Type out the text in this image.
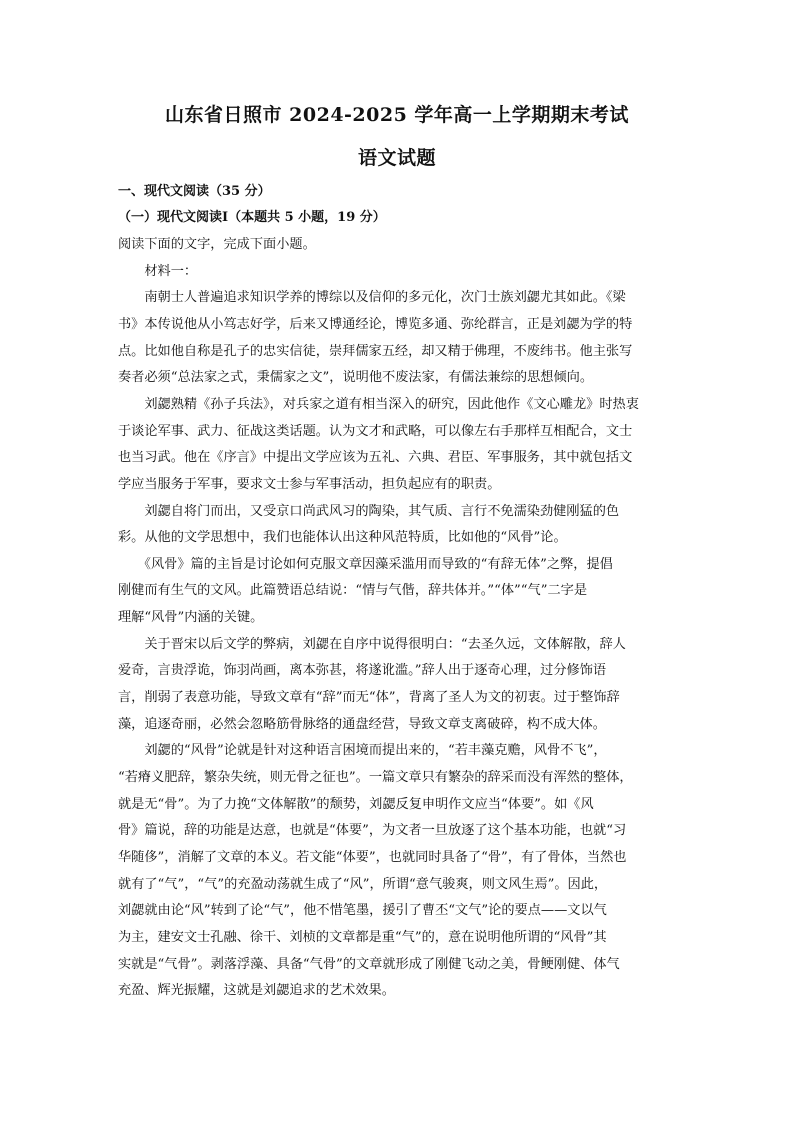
山东省日照市 2024-2025 学年高一上学期期末考试
语文试题
一、现代文阅读（35 分）
（一）现代文阅读Ⅰ（本题共 5 小题，19 分）
阅读下面的文字，完成下面小题。
　　材料一：
　　南朝士人普遍追求知识学养的博综以及信仰的多元化，次门士族刘勰尤其如此。《梁
书》本传说他从小笃志好学，后来又博通经论，博览多通、弥纶群言，正是刘勰为学的特
点。比如他自称是孔子的忠实信徒，崇拜儒家五经，却又精于佛理，不废纬书。他主张写
奏者必须“总法家之式，秉儒家之文”，说明他不废法家，有儒法兼综的思想倾向。
　　刘勰熟精《孙子兵法》，对兵家之道有相当深入的研究，因此他作《文心雕龙》时热衷
于谈论军事、武力、征战这类话题。认为文才和武略，可以像左右手那样互相配合，文士
也当习武。他在《序言》中提出文学应该为五礼、六典、君臣、军事服务，其中就包括文
学应当服务于军事，要求文士参与军事活动，担负起应有的职责。
　　刘勰自将门而出，又受京口尚武风习的陶染，其气质、言行不免濡染劲健刚猛的色
彩。从他的文学思想中，我们也能体认出这种风范特质，比如他的“风骨”论。
　　《风骨》篇的主旨是讨论如何克服文章因藻采滥用而导致的“有辞无体”之弊，提倡
刚健而有生气的文风。此篇赞语总结说：“情与气偕，辞共体并。”“体”“气”二字是
理解“风骨”内涵的关键。
　　关于晋宋以后文学的弊病，刘勰在自序中说得很明白：“去圣久远，文体解散，辞人
爱奇，言贵浮诡，饰羽尚画，离本弥甚，将遂讹滥。”辞人出于逐奇心理，过分修饰语
言，削弱了表意功能，导致文章有“辞”而无“体”，背离了圣人为文的初衷。过于整饰辞
藻，追逐奇丽，必然会忽略筋骨脉络的通盘经营，导致文章支离破碎，构不成大体。
　　刘勰的“风骨”论就是针对这种语言困境而提出来的，“若丰藻克赡，风骨不飞”，
“若瘠义肥辞，繁杂失统，则无骨之征也”。一篇文章只有繁杂的辞采而没有浑然的整体，
就是无“骨”。为了力挽“文体解散”的颓势，刘勰反复申明作文应当“体要”。如《风
骨》篇说，辞的功能是达意，也就是“体要”，为文者一旦放逐了这个基本功能，也就“习
华随侈”，消解了文章的本义。若文能“体要”，也就同时具备了“骨”，有了骨体，当然也
就有了“气”，“气”的充盈动荡就生成了“风”，所谓“意气骏爽，则文风生焉”。因此，
刘勰就由论“风”转到了论“气”，他不惜笔墨，援引了曹丕“文气”论的要点——文以气
为主，建安文士孔融、徐干、刘桢的文章都是重“气”的，意在说明他所谓的“风骨”其
实就是“气骨”。剥落浮藻、具备“气骨”的文章就形成了刚健飞动之美，骨鲠刚健、体气
充盈、辉光振耀，这就是刘勰追求的艺术效果。
